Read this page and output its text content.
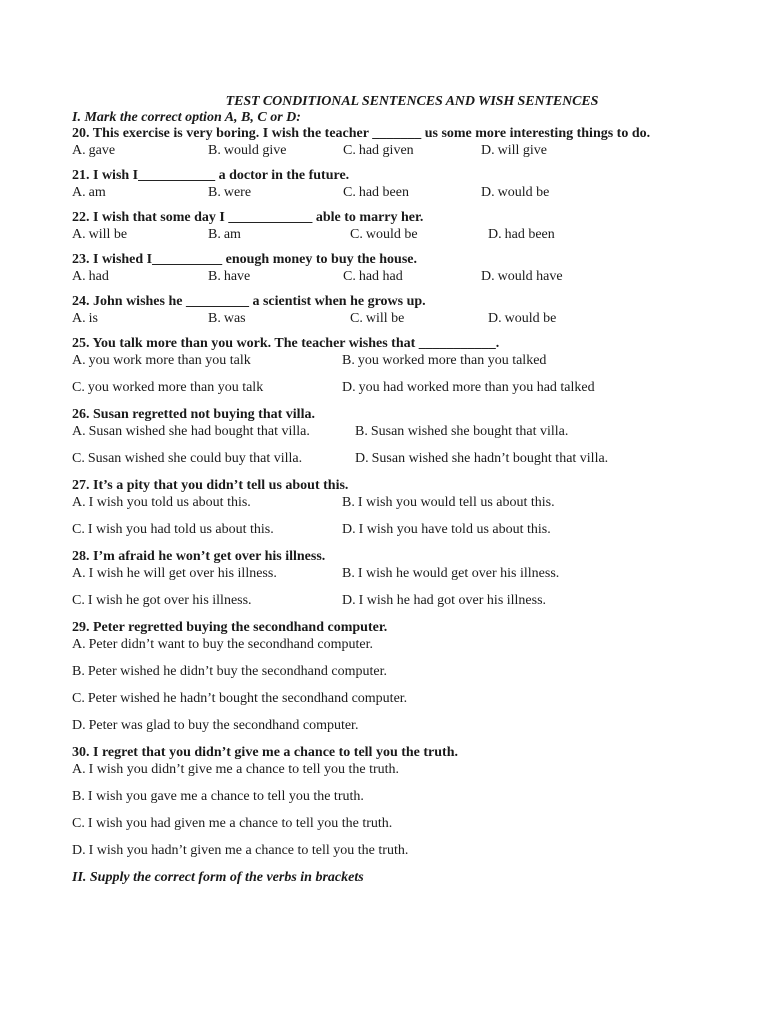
TEST CONDITIONAL SENTENCES AND WISH SENTENCES

I. Mark the correct option A, B, C or D:

20. This exercise is very boring. I wish the teacher _______ us some more interesting things to do.

A. gave	B. would give	C. had given	D. will give

21. I wish I___________ a doctor in the future.

A. am	B. were	C. had been	D. would be

22. I wish that some day I ____________ able to marry her.

A. will be	B. am	C. would be	D. had been

23. I wished I__________ enough money to buy the house.

A. had	B. have	C. had had	D. would have

24. John wishes he _________ a scientist when he grows up.

A. is	B. was	C. will be	D. would be

25. You talk more than you work. The teacher wishes that ___________.

A. you work more than you talk	B. you worked more than you talked
C. you worked more than you talk	D. you had worked more than you had talked

26. Susan regretted not buying that villa.

A. Susan wished she had bought that villa.	B. Susan wished she bought that villa.
C. Susan wished she could buy that villa.	D. Susan wished she hadn’t bought that villa.

27. It’s a pity that you didn’t tell us about this.

A. I wish you told us about this.	B. I wish you would tell us about this.
C. I wish you had told us about this.	D. I wish you have told us about this.

28. I’m afraid he won’t get over his illness.

A. I wish he will get over his illness.	B. I wish he would get over his illness.
C. I wish he got over his illness.	D. I wish he had got over his illness.

29. Peter regretted buying the secondhand computer.

A. Peter didn’t want to buy the secondhand computer.
B. Peter wished he didn’t buy the secondhand computer.
C. Peter wished he hadn’t bought the secondhand computer.
D. Peter was glad to buy the secondhand computer.

30. I regret that you didn’t give me a chance to tell you the truth.

A. I wish you didn’t give me a chance to tell you the truth.
B. I wish you gave me a chance to tell you the truth.
C. I wish you had given me a chance to tell you the truth.
D. I wish you hadn’t given me a chance to tell you the truth.

II. Supply the correct form of the verbs in brackets
